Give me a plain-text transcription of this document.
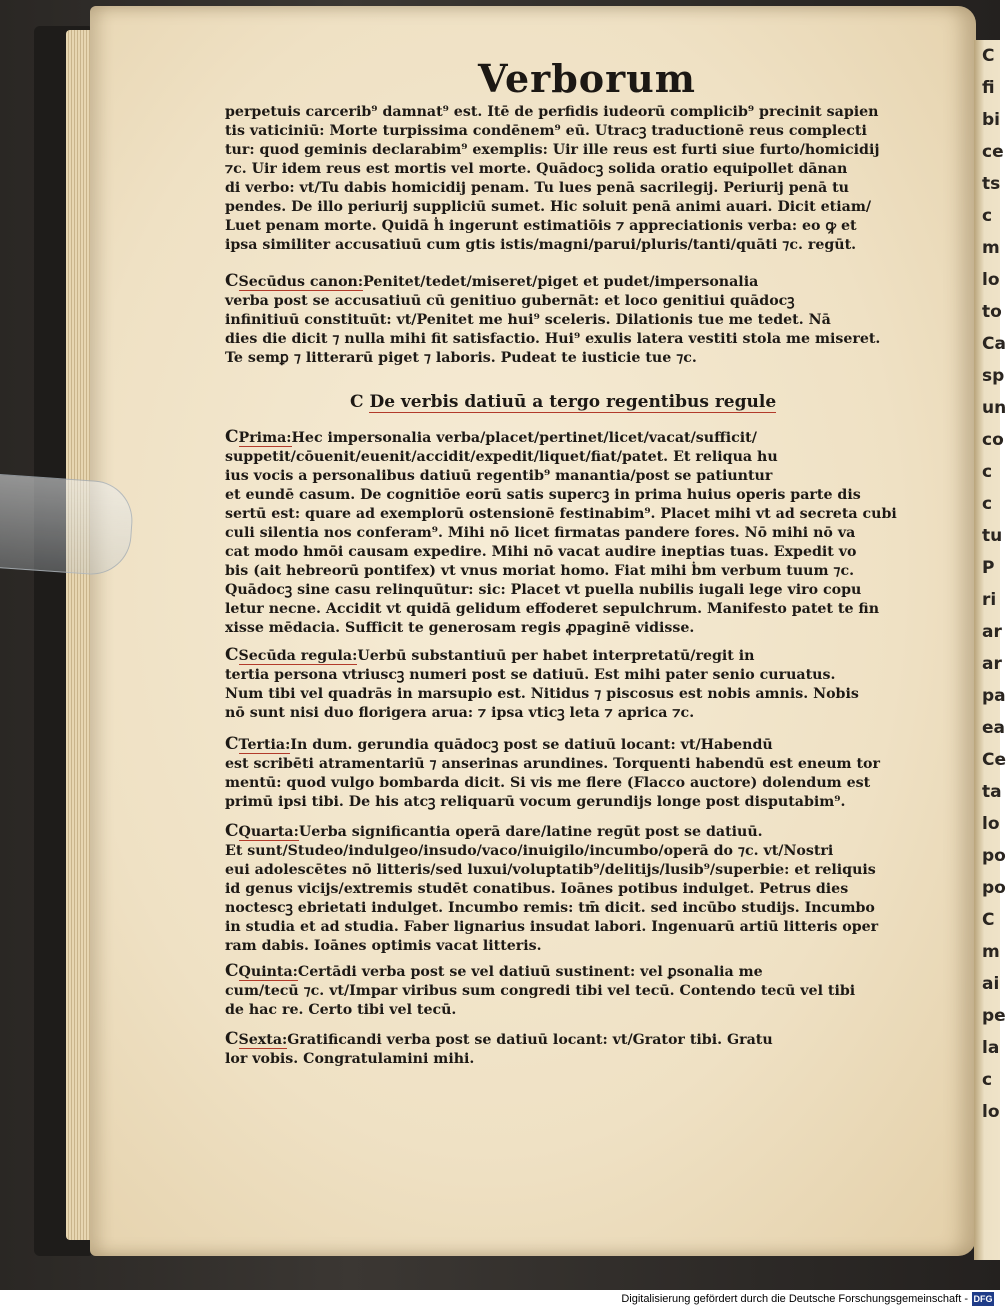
C
fi
bi
ce
ts
c
m
lo
to
Ca
sp
un
co
c
c
tu
P
ri
ar
ar
pa
ea
Ce
ta
lo
po
po
C
m
ai
pe
la
c
lo
Verborum
C De verbis datiuū a tergo regentibus regule
perpetuis carcerib⁹ damnat⁹ est. Itē de perfidis iudeorū complicib⁹ precinit sapien
tis vaticiniū: Morte turpissima condēnem⁹ eū. Utracꝫ traductionē reus complecti
tur: quod geminis declarabim⁹ exemplis: Uir ille reus est furti siue furto/homicidij
⁊c. Uir idem reus est mortis vel morte. Quādocꝫ solida oratio equipollet dānan
di verbo: vt/Tu dabis homicidij penam. Tu lues penā sacrilegij. Periurij penā tu
pendes. De illo periurij suppliciū sumet. Hic soluit penā animi auari. Dicit etiam/
Luet penam morte. Quidā ḣ ingerunt estimatiōis ⁊ appreciationis verba: eo ꝙ et
ipsa similiter accusatiuū cum gtis istis/magni/parui/pluris/tanti/quāti ⁊c. regūt.
CSecūdus canon:Penitet/tedet/miseret/piget et pudet/impersonalia
verba post se accusatiuū cū genitiuo gubernāt: et loco genitiui quādocꝫ
infinitiuū constituūt: vt/Penitet me hui⁹ sceleris. Dilationis tue me tedet. Nā
dies die dicit ⁊ nulla mihi fit satisfactio. Hui⁹ exulis latera vestiti stola me miseret.
Te semꝑ ⁊ litterarū piget ⁊ laboris. Pudeat te iusticie tue ⁊c.
CPrima:Hec impersonalia verba/placet/pertinet/licet/vacat/sufficit/
suppetit/cōuenit/euenit/accidit/expedit/liquet/fiat/patet. Et reliqua hu
ius vocis a personalibus datiuū regentib⁹ manantia/post se patiuntur
et eundē casum. De cognitiōe eorū satis supercꝫ in prima huius operis parte dis
sertū est: quare ad exemplorū ostensionē festinabim⁹. Placet mihi vt ad secreta cubi
culi silentia nos conferam⁹. Mihi nō licet firmatas pandere fores. Nō mihi nō va
cat modo hmōi causam expedire. Mihi nō vacat audire ineptias tuas. Expedit vo
bis (ait hebreorū pontifex) vt vnus moriat homo. Fiat mihi ḃm verbum tuum ⁊c.
Quādocꝫ sine casu relinquūtur: sic: Placet vt puella nubilis iugali lege viro copu
letur necne. Accidit vt quidā gelidum effoderet sepulchrum. Manifesto patet te fin
xisse mēdacia. Sufficit te generosam regis ꝓpaginē vidisse.
CSecūda regula:Uerbū substantiuū per habet interpretatū/regit in
tertia persona vtriuscꝫ numeri post se datiuū. Est mihi pater senio curuatus.
Num tibi vel quadrās in marsupio est. Nitidus ⁊ piscosus est nobis amnis. Nobis
nō sunt nisi duo florigera arua: ⁊ ipsa vticꝫ leta ⁊ aprica ⁊c.
CTertia:In dum. gerundia quādocꝫ post se datiuū locant: vt/Habendū
est scribēti atramentariū ⁊ anserinas arundines. Torquenti habendū est eneum tor
mentū: quod vulgo bombarda dicit. Si vis me flere (Flacco auctore) dolendum est
primū ipsi tibi. De his atcꝫ reliquarū vocum gerundijs longe post disputabim⁹.
CQuarta:Uerba significantia operā dare/latine regūt post se datiuū.
Et sunt/Studeo/indulgeo/insudo/vaco/inuigilo/incumbo/operā do ⁊c. vt/Nostri
eui adolescētes nō litteris/sed luxui/voluptatib⁹/delitijs/lusib⁹/superbie: et reliquis
id genus vicijs/extremis studēt conatibus. Ioānes potibus indulget. Petrus dies
noctescꝫ ebrietati indulget. Incumbo remis: tm̄ dicit. sed incūbo studijs. Incumbo
in studia et ad studia. Faber lignarius insudat labori. Ingenuarū artiū litteris oper
ram dabis. Ioānes optimis vacat litteris.
CQuinta:Certādi verba post se vel datiuū sustinent: vel ꝑsonalia me
cum/tecū ⁊c. vt/Impar viribus sum congredi tibi vel tecū. Contendo tecū vel tibi
de hac re. Certo tibi vel tecū.
CSexta:Gratificandi verba post se datiuū locant: vt/Grator tibi. Gratu
lor vobis. Congratulamini mihi.
Digitalisierung gefördert durch die Deutsche Forschungsgemeinschaft - DFG
